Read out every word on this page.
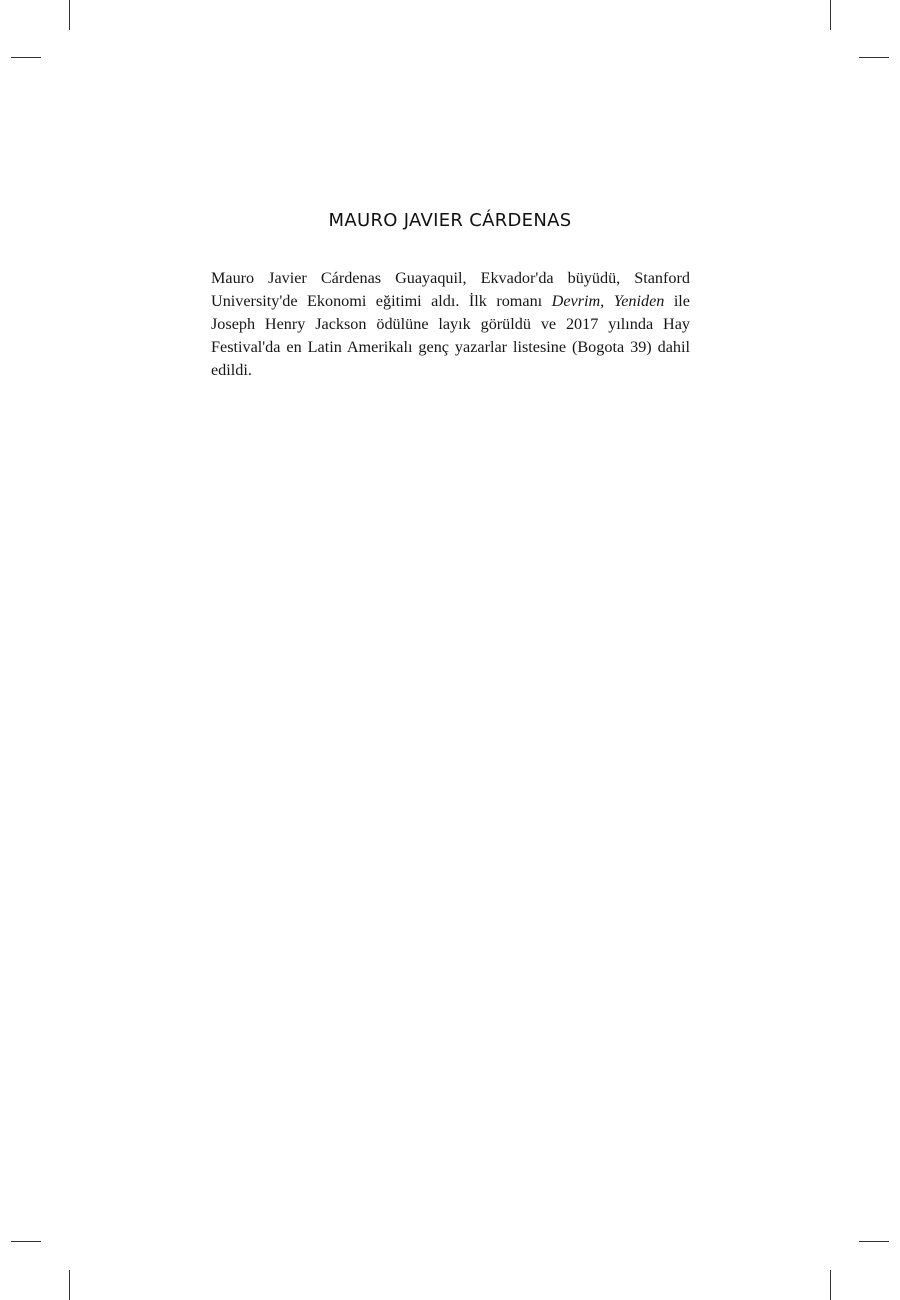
MAURO JAVIER CÁRDENAS

Mauro Javier Cárdenas Guayaquil, Ekvador'da büyüdü, Stanford University'de Ekonomi eğitimi aldı. İlk romanı Devrim, Yeniden ile Joseph Henry Jackson ödülüne layık görüldü ve 2017 yılında Hay Festival'da en Latin Amerikalı genç yazarlar listesine (Bogota 39) dahil edildi.
